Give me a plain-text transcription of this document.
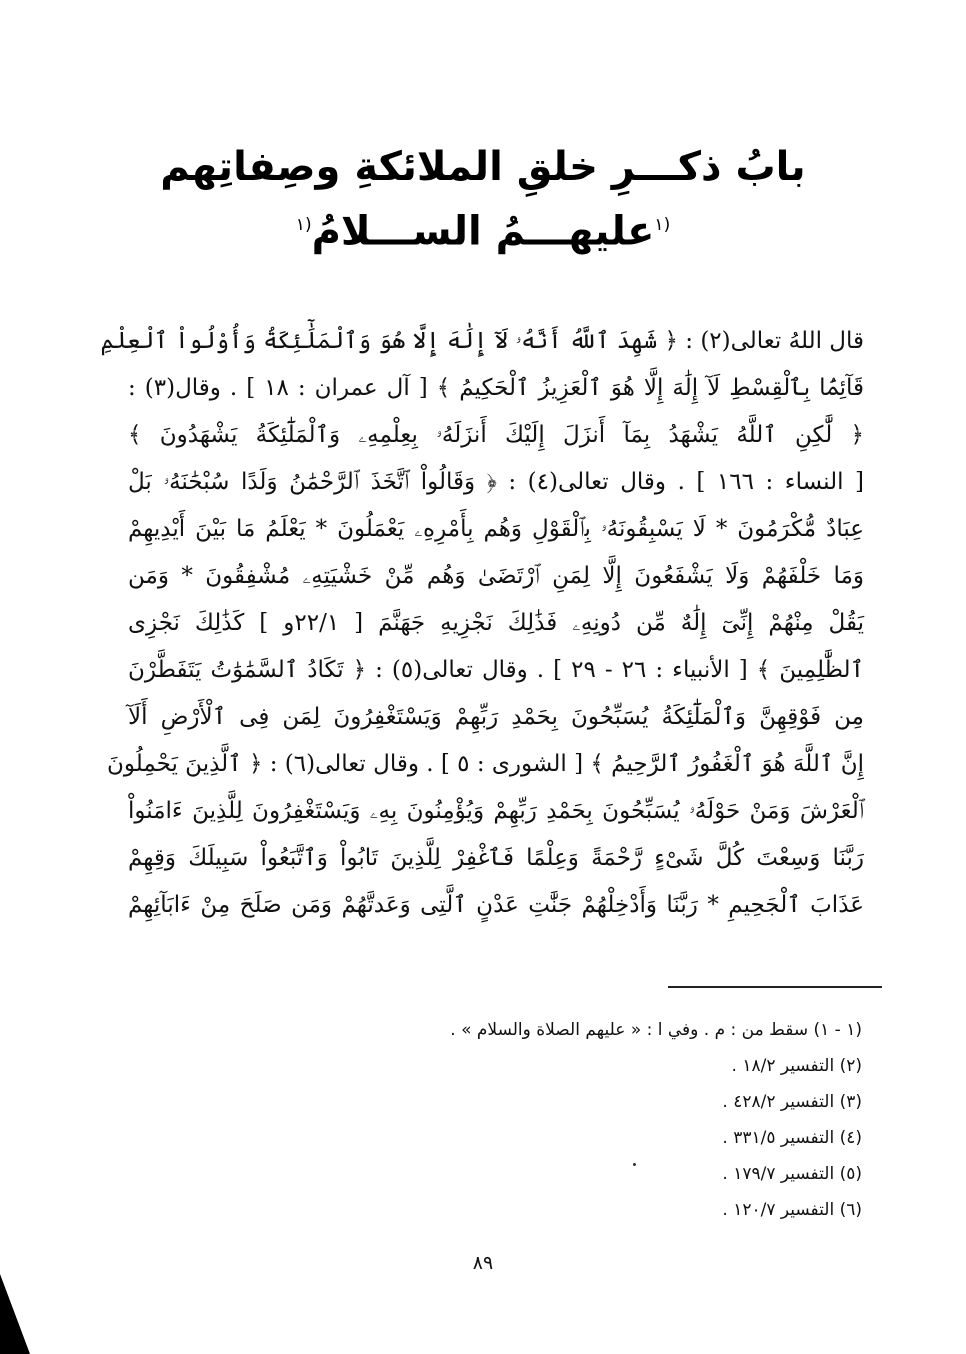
بابُ ذكـــرِ خلقِ الملائكةِ وصِفاتِهم
$^{(١}$عليهـــمُ الســـلامُ$^{(١}$
قال اللهُ تعالى(٢) : ﴿ شَهِدَ ٱللَّهُ أَنَّهُۥ لَآ إِلَٰهَ إِلَّا هُوَ وَٱلْمَلَٰٓئِكَةُ وَأُوْلُواْ ٱلْعِلْمِ
قَآئِمَۢا بِٱلْقِسْطِ لَآ إِلَٰهَ إِلَّا هُوَ ٱلْعَزِيزُ ٱلْحَكِيمُ ﴾ [ آل عمران : ١٨ ] . وقال(٣) :
﴿ لَّٰكِنِ ٱللَّهُ يَشْهَدُ بِمَآ أَنزَلَ إِلَيْكَ أَنزَلَهُۥ بِعِلْمِهِۦ وَٱلْمَلَٰٓئِكَةُ يَشْهَدُونَ ﴾
[ النساء : ١٦٦ ] . وقال تعالى(٤) : ﴿ وَقَالُواْ ٱتَّخَذَ ٱلرَّحْمَٰنُ وَلَدًا سُبْحَٰنَهُۥ بَلْ
عِبَادٌ مُّكْرَمُونَ * لَا يَسْبِقُونَهُۥ بِٱلْقَوْلِ وَهُم بِأَمْرِهِۦ يَعْمَلُونَ * يَعْلَمُ مَا بَيْنَ أَيْدِيهِمْ
وَمَا خَلْفَهُمْ وَلَا يَشْفَعُونَ إِلَّا لِمَنِ ٱرْتَضَىٰ وَهُم مِّنْ خَشْيَتِهِۦ مُشْفِقُونَ * وَمَن
يَقُلْ مِنْهُمْ إِنِّىٓ إِلَٰهٌ مِّن دُونِهِۦ فَذَٰلِكَ نَجْزِيهِ جَهَنَّمَ [ ٢٢/١و ] كَذَٰلِكَ نَجْزِى
ٱلظَّٰلِمِينَ ﴾ [ الأنبياء : ٢٦ - ٢٩ ] . وقال تعالى(٥) : ﴿ تَكَادُ ٱلسَّمَٰوَٰتُ يَتَفَطَّرْنَ
مِن فَوْقِهِنَّ وَٱلْمَلَٰٓئِكَةُ يُسَبِّحُونَ بِحَمْدِ رَبِّهِمْ وَيَسْتَغْفِرُونَ لِمَن فِى ٱلْأَرْضِ أَلَآ
إِنَّ ٱللَّهَ هُوَ ٱلْغَفُورُ ٱلرَّحِيمُ ﴾ [ الشورى : ٥ ] . وقال تعالى(٦) : ﴿ ٱلَّذِينَ يَحْمِلُونَ
ٱلْعَرْشَ وَمَنْ حَوْلَهُۥ يُسَبِّحُونَ بِحَمْدِ رَبِّهِمْ وَيُؤْمِنُونَ بِهِۦ وَيَسْتَغْفِرُونَ لِلَّذِينَ ءَامَنُواْ
رَبَّنَا وَسِعْتَ كُلَّ شَىْءٍ رَّحْمَةً وَعِلْمًا فَٱغْفِرْ لِلَّذِينَ تَابُواْ وَٱتَّبَعُواْ سَبِيلَكَ وَقِهِمْ
عَذَابَ ٱلْجَحِيمِ * رَبَّنَا وَأَدْخِلْهُمْ جَنَّٰتِ عَدْنٍ ٱلَّتِى وَعَدتَّهُمْ وَمَن صَلَحَ مِنْ ءَابَآئِهِمْ
(١ - ١) سقط من : م . وفي ا : « عليهم الصلاة والسلام » .
(٢) التفسير ١٨/٢ .
(٣) التفسير ٤٢٨/٢ .
(٤) التفسير ٣٣١/٥ .
(٥) التفسير ١٧٩/٧ .
(٦) التفسير ١٢٠/٧ .
٨٩
